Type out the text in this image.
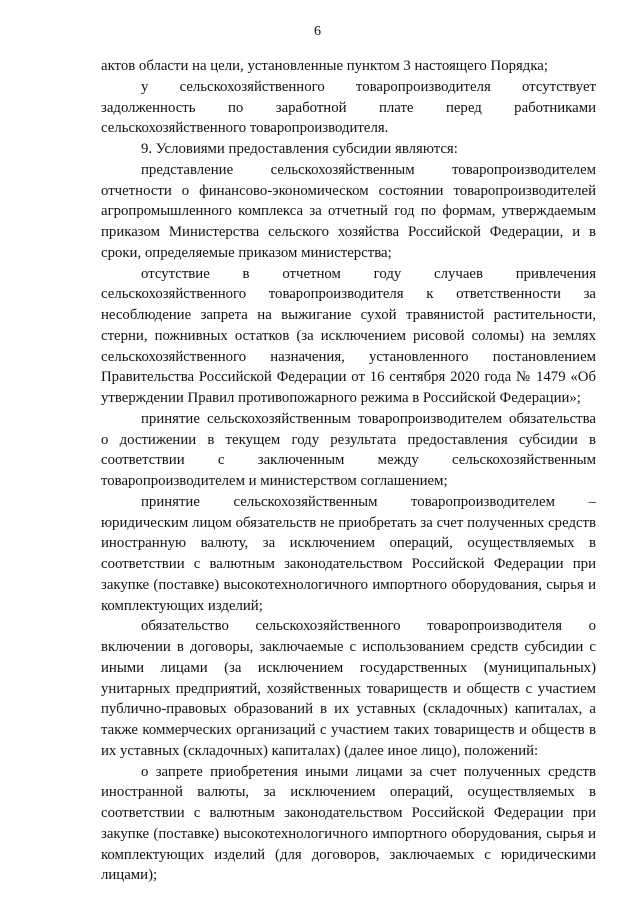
6

актов области на цели, установленные пунктом 3 настоящего Порядка;

у сельскохозяйственного товаропроизводителя отсутствует задолженность по заработной плате перед работниками сельскохозяйственного товаропроизводителя.

9. Условиями предоставления субсидии являются:

представление сельскохозяйственным товаропроизводителем отчетности о финансово-экономическом состоянии товаропроизводителей агропромышленного комплекса за отчетный год по формам, утверждаемым приказом Министерства сельского хозяйства Российской Федерации, и в сроки, определяемые приказом министерства;

отсутствие в отчетном году случаев привлечения сельскохозяйственного товаропроизводителя к ответственности за несоблюдение запрета на выжигание сухой травянистой растительности, стерни, пожнивных остатков (за исключением рисовой соломы) на землях сельскохозяйственного назначения, установленного постановлением Правительства Российской Федерации от 16 сентября 2020 года № 1479 «Об утверждении Правил противопожарного режима в Российской Федерации»;

принятие сельскохозяйственным товаропроизводителем обязательства о достижении в текущем году результата предоставления субсидии в соответствии с заключенным между сельскохозяйственным товаропроизводителем и министерством соглашением;

принятие сельскохозяйственным товаропроизводителем – юридическим лицом обязательств не приобретать за счет полученных средств иностранную валюту, за исключением операций, осуществляемых в соответствии с валютным законодательством Российской Федерации при закупке (поставке) высокотехнологичного импортного оборудования, сырья и комплектующих изделий;

обязательство сельскохозяйственного товаропроизводителя о включении в договоры, заключаемые с использованием средств субсидии с иными лицами (за исключением государственных (муниципальных) унитарных предприятий, хозяйственных товариществ и обществ с участием публично-правовых образований в их уставных (складочных) капиталах, а также коммерческих организаций с участием таких товариществ и обществ в их уставных (складочных) капиталах) (далее иное лицо), положений:

о запрете приобретения иными лицами за счет полученных средств иностранной валюты, за исключением операций, осуществляемых в соответствии с валютным законодательством Российской Федерации при закупке (поставке) высокотехнологичного импортного оборудования, сырья и комплектующих изделий (для договоров, заключаемых с юридическими лицами);
